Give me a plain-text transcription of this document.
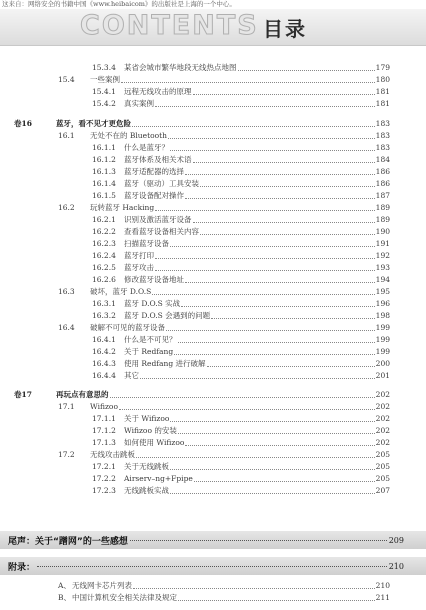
这来自：网络安全的书籍中国《www.heibaicom》的出版社是上海的一个中心。
CONTENTS 目录
15.3.4	某省会城市繁华地段无线热点地图	179
15.4	一些案例	180
15.4.1	远程无线攻击的原理	181
15.4.2	真实案例	181
卷16	蓝牙，看不见才更危险	183
16.1	无处不在的 Bluetooth	183
16.1.1	什么是蓝牙？	183
16.1.2	蓝牙体系及相关术语	184
16.1.3	蓝牙适配器的选择	186
16.1.4	蓝牙（驱动）工具安装	186
16.1.5	蓝牙设备配对操作	187
16.2	玩转蓝牙 Hacking	189
16.2.1	识别及激活蓝牙设备	189
16.2.2	查看蓝牙设备相关内容	190
16.2.3	扫描蓝牙设备	191
16.2.4	蓝牙打印	192
16.2.5	蓝牙攻击	193
16.2.6	修改蓝牙设备地址	194
16.3	破坏，蓝牙 D.O.S	195
16.3.1	蓝牙 D.O.S 实战	196
16.3.2	蓝牙 D.O.S 会遇到的问题	198
16.4	破解不可见的蓝牙设备	199
16.4.1	什么是不可见？	199
16.4.2	关于 Redfang	199
16.4.3	使用 Redfang 进行破解	200
16.4.4	其它	201
卷17	再玩点有意思的	202
17.1	Wifizoo	202
17.1.1	关于 Wifizoo	202
17.1.2	Wifizoo 的安装	202
17.1.3	如何使用 Wifizoo	202
17.2	无线攻击跳板	205
17.2.1	关于无线跳板	205
17.2.2	Airserv–ng+Fpipe	205
17.2.3	无线跳板实战	207
尾声：关于“蹭网”的一些感想	209
附录：	210
A、 无线网卡芯片列表	210
B、 中国计算机安全相关法律及规定	211
